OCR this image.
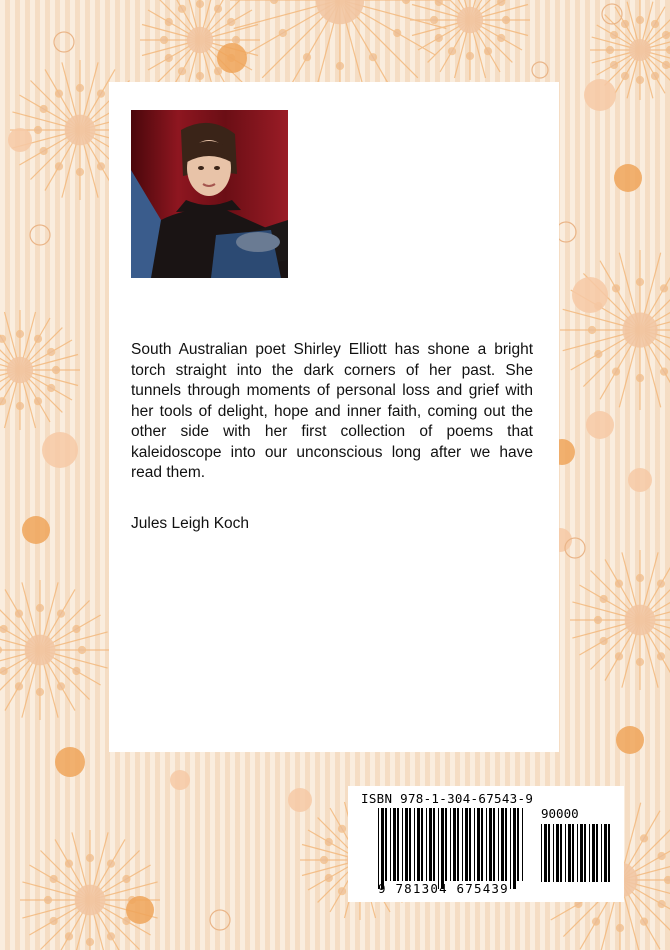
South Australian poet Shirley Elliott has shone a bright torch straight into the dark corners of her past. She tunnels through moments of personal loss and grief with her tools of delight, hope and inner faith, coming out the other side with her first collection of poems that kaleidoscope into our unconscious long after we have read them.

Jules Leigh Koch

ISBN 978-1-304-67543-9
90000
9 781304 675439
